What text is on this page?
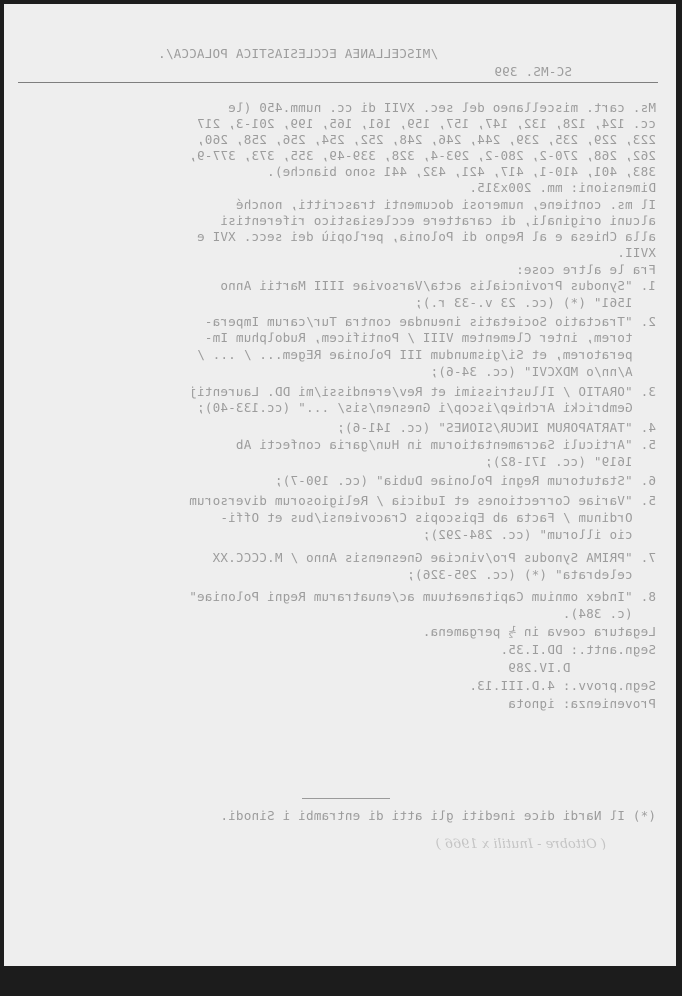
/MISCELLANEA ECCLESIASTICA POLACCA/.
SC-MS. 399
Ms. cart. miscellaneo del sec. XVII di cc. numm.450 (le
cc. 124, 128, 132, 147, 157, 159, 161, 165, 199, 201-3, 217
223, 229, 235, 239, 244, 246, 248, 252, 254, 256, 258, 260,
262, 268, 270-2, 280-2, 293-4, 328, 339-49, 355, 373, 377-9,
383, 401, 410-1, 417, 421, 432, 441 sono bianche).
Dimensioni: mm. 200x315.
Il ms. contiene, numerosi documenti trascritti, nonché
alcuni originali, di carattere ecclesiastico riferentisi
alla Chiesa e al Regno di Polonia, perlopiù dei secc. XVI e
XVII.
Fra le altre cose:
1. "Synodus Provincialis acta/Varsoviae IIII Martii Anno
1561" (*) (cc. 23 v.-33 r.);
2. "Tractatio Societatis ineundae contra Tur/carum Impera-
torem, inter Clementem VIII / Pontificem, Rudolphum Im-
peratorem, et Si/gismundum III Poloniae REgem... / ... /
A/nn/o MDXCVI" (cc. 34-6);
3. "ORATIO / Illustrissimi et Rev/erendissi/mi DD. Laurentij
Gembricki Archiep/iscop/i Gnesnen/sis/ ..." (cc.133-40);
4. "TARTAPORUM INCUR/SIONES" (cc. 141-6);
5. "Articuli Sacramentatiorum in Hun/garia confecti Ab
1619" (cc. 171-82);
6. "Statutorum Regni Poloniae Dubia" (cc. 190-7);
5. "Variae Correctiones et Iudicia / Religiosorum diversorum
Ordinum / Facta ab Episcopis Cracoviensi/bus et Offi-
cio illorum" (cc. 284-292);
7. "PRIMA Synodus Pro/vinciae Gnesnensis Anno / M.CCCC.XX
celebrata" (*) (cc. 295-326);
8. "Index omnium Capitaneatuum ac/enuatrarum Regni Poloniae"
(c. 384).
Legatura coeva in ½ pergamena.
Segn.antt.: DD.I.35.
D.IV.289
Segn.provv.: 4.D.III.13.
Provenienza: ignota
(*) Il Nardi dice inediti gli atti di entrambi i Sinodi.
( Ottobre - Inutili x 1966 )
